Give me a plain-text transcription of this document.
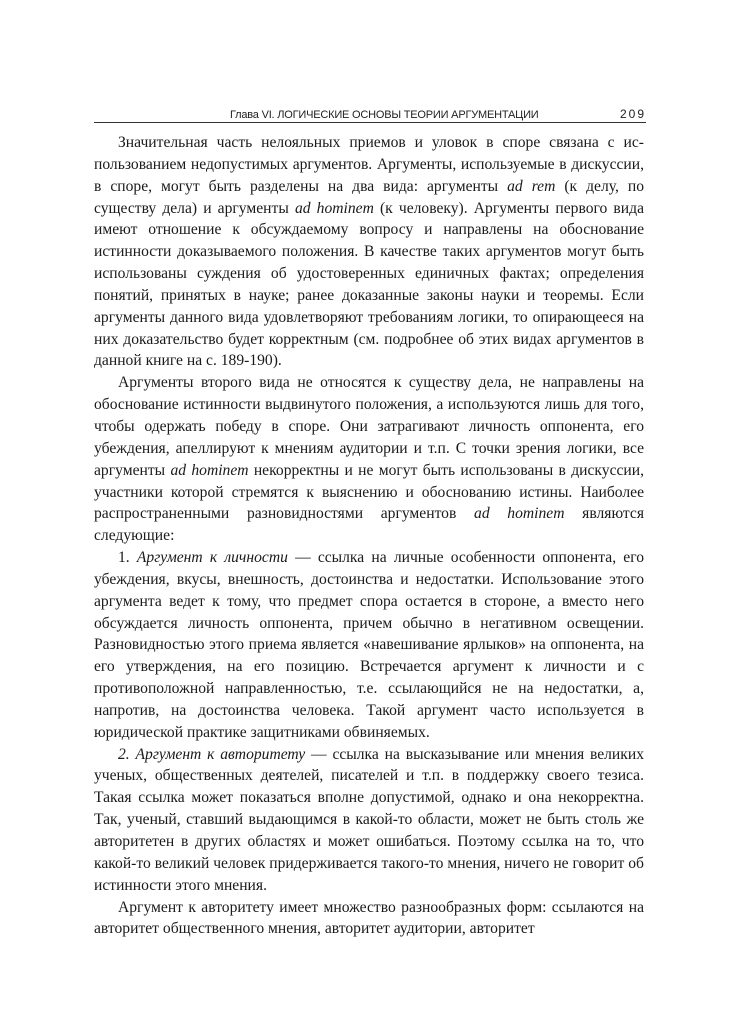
Глава VI. ЛОГИЧЕСКИЕ ОСНОВЫ ТЕОРИИ АРГУМЕНТАЦИИ	209

Значительная часть нелояльных приемов и уловок в споре связана с использованием недопустимых аргументов. Аргументы, используемые в дискуссии, в споре, могут быть разделены на два вида: аргументы ad rem (к делу, по существу дела) и аргументы ad hominem (к человеку). Аргументы первого вида имеют отношение к обсуждаемому вопросу и направлены на обоснование истинности доказываемого положения. В качестве таких аргументов могут быть использованы суждения об удостоверенных единичных фактах; определения понятий, принятых в науке; ранее доказанные законы науки и теоремы. Если аргументы данного вида удовлетворяют требованиям логики, то опирающееся на них доказательство будет корректным (см. подробнее об этих видах аргументов в данной книге на с. 189-190).

Аргументы второго вида не относятся к существу дела, не направлены на обоснование истинности выдвинутого положения, а используются лишь для того, чтобы одержать победу в споре. Они затрагивают личность оппонента, его убеждения, апеллируют к мнениям аудитории и т.п. С точки зрения логики, все аргументы ad hominem некорректны и не могут быть использованы в дискуссии, участники которой стремятся к выяснению и обоснованию истины. Наиболее распространенными разновидностями аргументов ad hominem являются следующие:

1. Аргумент к личности — ссылка на личные особенности оппонента, его убеждения, вкусы, внешность, достоинства и недостатки. Использование этого аргумента ведет к тому, что предмет спора остается в стороне, а вместо него обсуждается личность оппонента, причем обычно в негативном освещении. Разновидностью этого приема является «навешивание ярлыков» на оппонента, на его утверждения, на его позицию. Встречается аргумент к личности и с противоположной направленностью, т.е. ссылающийся не на недостатки, а, напротив, на достоинства человека. Такой аргумент часто используется в юридической практике защитниками обвиняемых.

2. Аргумент к авторитету — ссылка на высказывание или мнения великих ученых, общественных деятелей, писателей и т.п. в поддержку своего тезиса. Такая ссылка может показаться вполне допустимой, однако и она некорректна. Так, ученый, ставший выдающимся в какой-то области, может не быть столь же авторитетен в других областях и может ошибаться. Поэтому ссылка на то, что какой-то великий человек придерживается такого-то мнения, ничего не говорит об истинности этого мнения.

Аргумент к авторитету имеет множество разнообразных форм: ссылаются на авторитет общественного мнения, авторитет аудитории, авторитет
